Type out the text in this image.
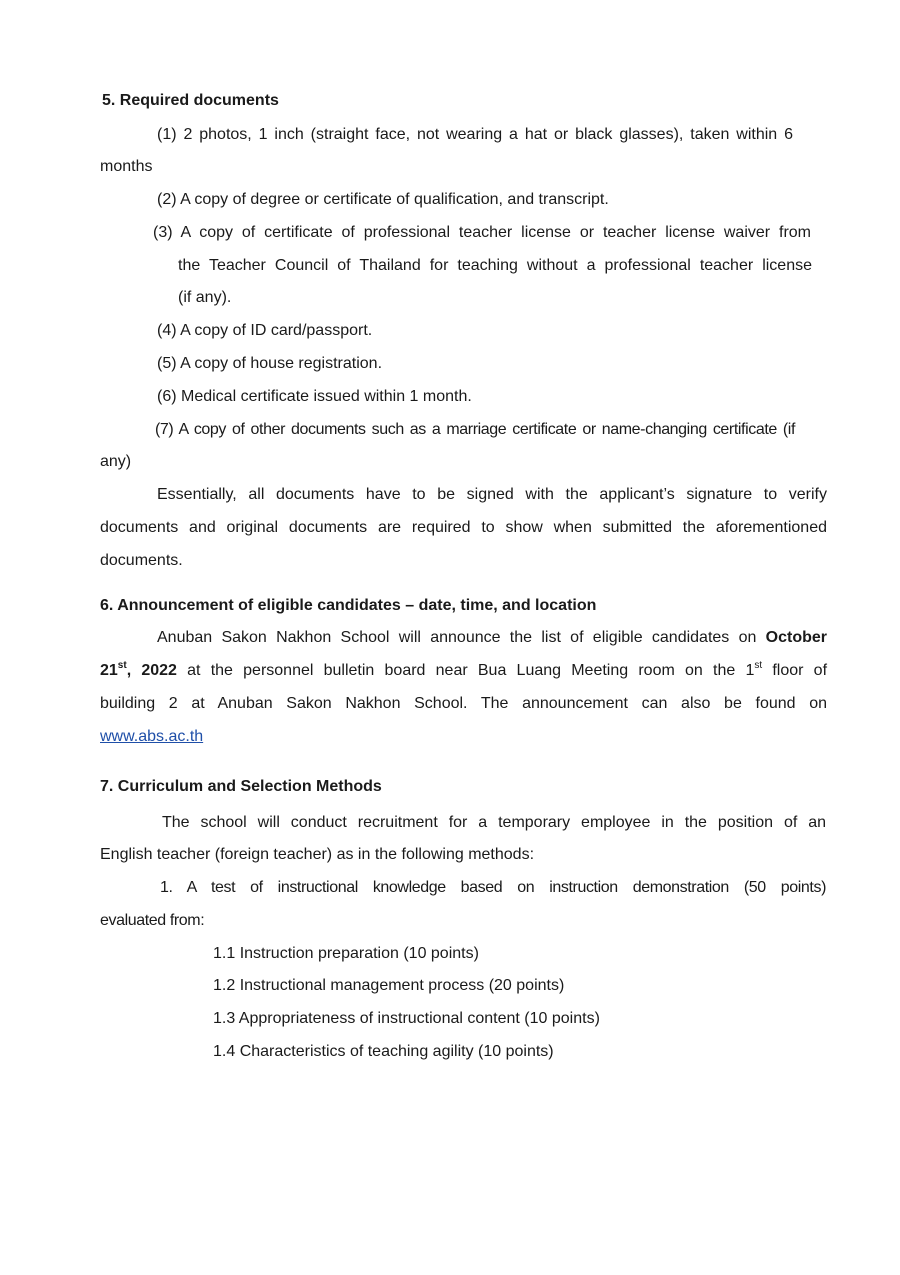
5. Required documents
(1) 2 photos, 1 inch (straight face, not wearing a hat or black glasses), taken within 6
months
(2) A copy of degree or certificate of qualification, and transcript.
(3) A copy of certificate of professional teacher license or teacher license waiver from
the Teacher Council of Thailand for teaching without a professional teacher license
(if any).
(4) A copy of ID card/passport.
(5) A copy of house registration.
(6) Medical certificate issued within 1 month.
(7) A copy of other documents such as a marriage certificate or name-changing certificate (if
any)
Essentially, all documents have to be signed with the applicant’s signature to verify
documents and original documents are required to show when submitted the aforementioned
documents.
6. Announcement of eligible candidates – date, time, and location
Anuban Sakon Nakhon School will announce the list of eligible candidates on October
21st, 2022 at the personnel bulletin board near Bua Luang Meeting room on the 1st floor of
building 2 at Anuban Sakon Nakhon School. The announcement can also be found on
www.abs.ac.th
7. Curriculum and Selection Methods
The school will conduct recruitment for a temporary employee in the position of an
English teacher (foreign teacher) as in the following methods:
1. A test of instructional knowledge based on instruction demonstration (50 points)
evaluated from:
1.1 Instruction preparation (10 points)
1.2 Instructional management process (20 points)
1.3 Appropriateness of instructional content (10 points)
1.4 Characteristics of teaching agility (10 points)
